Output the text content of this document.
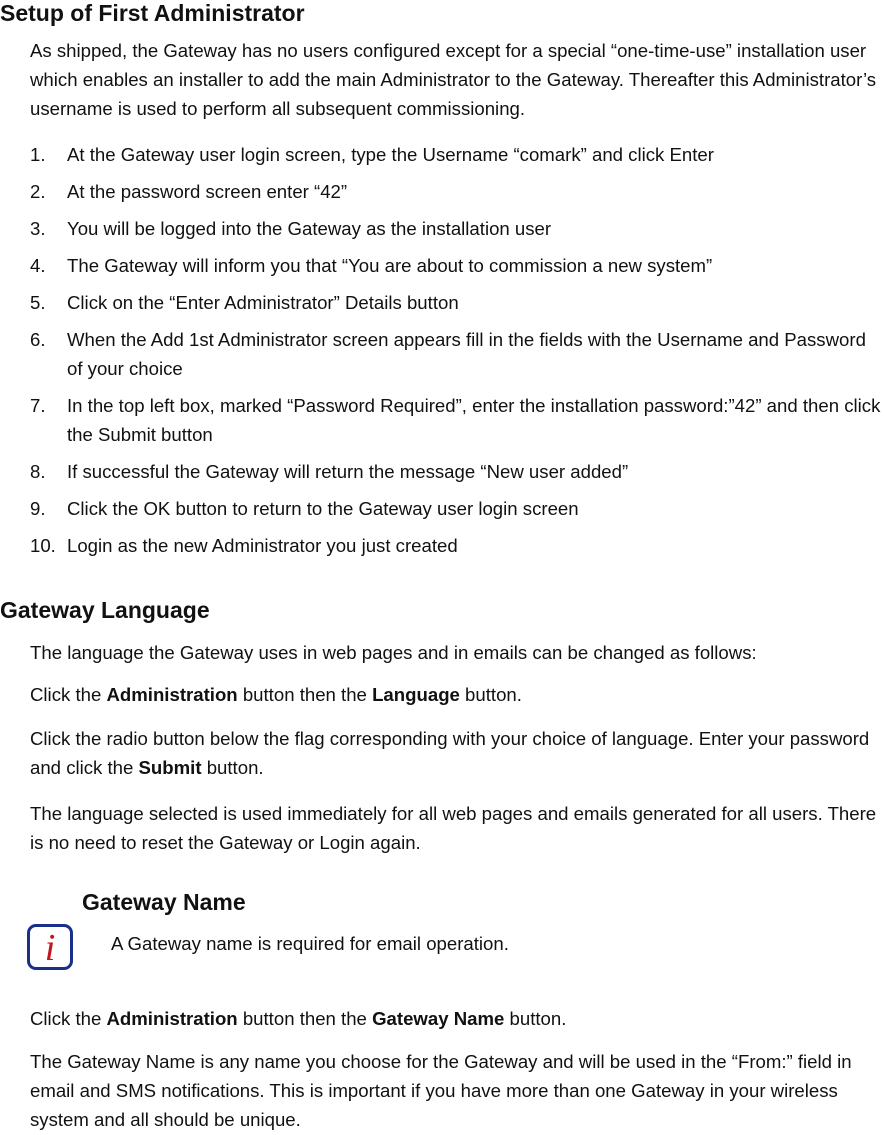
Setup of First Administrator

As shipped, the Gateway has no users configured except for a special “one-time-use” installation user which enables an installer to add the main Administrator to the Gateway. Thereafter this Administrator’s username is used to perform all subsequent commissioning.

1. At the Gateway user login screen, type the Username “comark” and click Enter
2. At the password screen enter “42”
3. You will be logged into the Gateway as the installation user
4. The Gateway will inform you that “You are about to commission a new system”
5. Click on the “Enter Administrator” Details button
6. When the Add 1st Administrator screen appears fill in the fields with the Username and Password of your choice
7. In the top left box, marked “Password Required”, enter the installation password:”42” and then click the Submit button
8. If successful the Gateway will return the message “New user added”
9. Click the OK button to return to the Gateway user login screen
10. Login as the new Administrator you just created
Gateway Language

The language the Gateway uses in web pages and in emails can be changed as follows:

Click the Administration button then the Language button.

Click the radio button below the flag corresponding with your choice of language. Enter your password and click the Submit button.

The language selected is used immediately for all web pages and emails generated for all users. There is no need to reset the Gateway or Login again.

Gateway Name
i	A Gateway name is required for email operation.

Click the Administration button then the Gateway Name button.

The Gateway Name is any name you choose for the Gateway and will be used in the “From:” field in email and SMS notifications. This is important if you have more than one Gateway in your wireless system and all should be unique.
